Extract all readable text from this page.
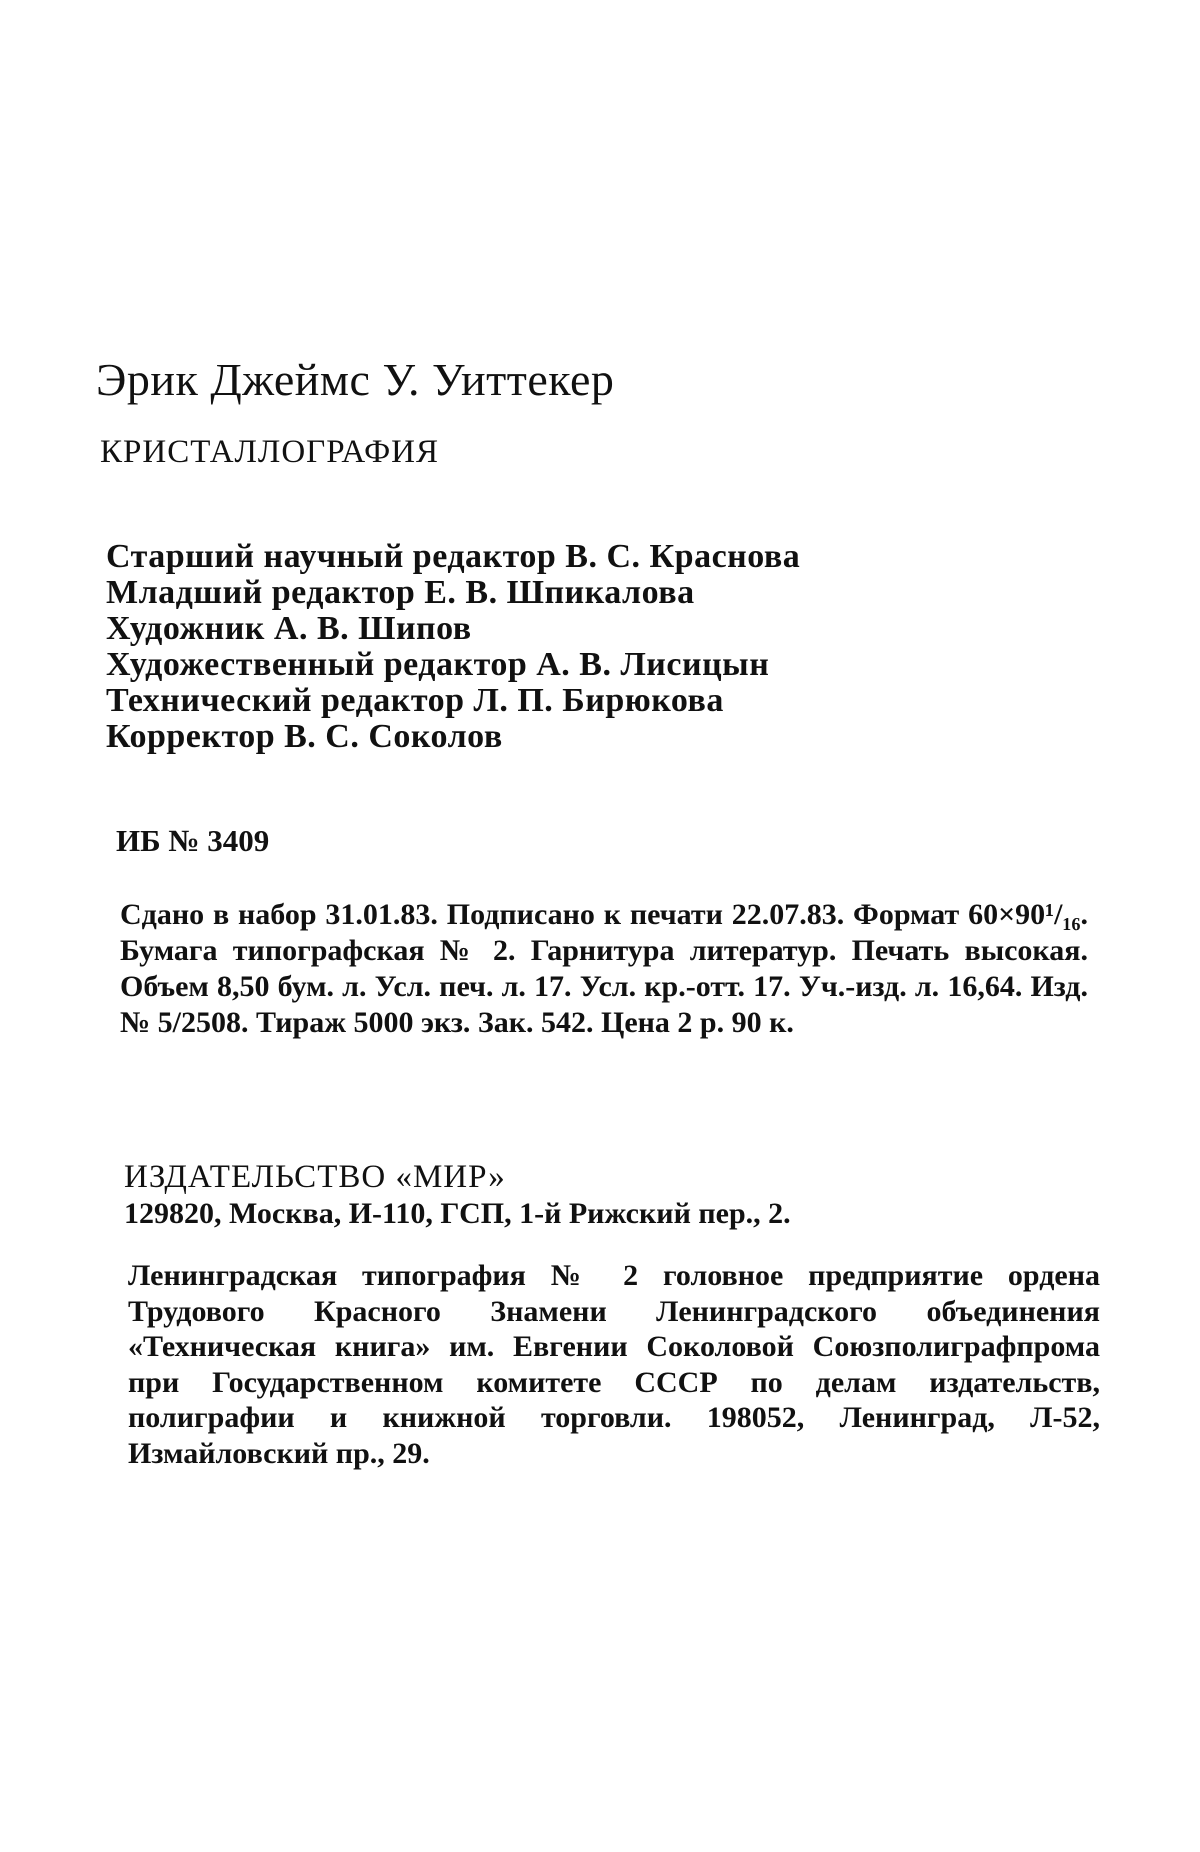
Эрик Джеймс У. Уиттекер
КРИСТАЛЛОГРАФИЯ
Старший научный редактор В. С. Краснова
Младший редактор Е. В. Шпикалова
Художник А. В. Шипов
Художественный редактор А. В. Лисицын
Технический редактор Л. П. Бирюкова
Корректор В. С. Соколов

ИБ № 3409

Сдано в набор 31.01.83. Подписано к печати 22.07.83. Формат 60×90¹/₁₆. Бумага типографская № 2. Гарнитура литератур. Печать высокая. Объем 8,50 бум. л. Усл. печ. л. 17. Усл. кр.-отт. 17. Уч.-изд. л. 16,64. Изд. № 5/2508. Тираж 5000 экз. Зак. 542. Цена 2 р. 90 к.

ИЗДАТЕЛЬСТВО «МИР»

129820, Москва, И-110, ГСП, 1-й Рижский пер., 2.

Ленинградская типография № 2 головное предприятие ордена Трудового Красного Знамени Ленинградского объединения «Техническая книга» им. Евгении Соколовой Союзполиграфпрома при Государственном комитете СССР по делам издательств, полиграфии и книжной торговли. 198052, Ленинград, Л-52, Измайловский пр., 29.
